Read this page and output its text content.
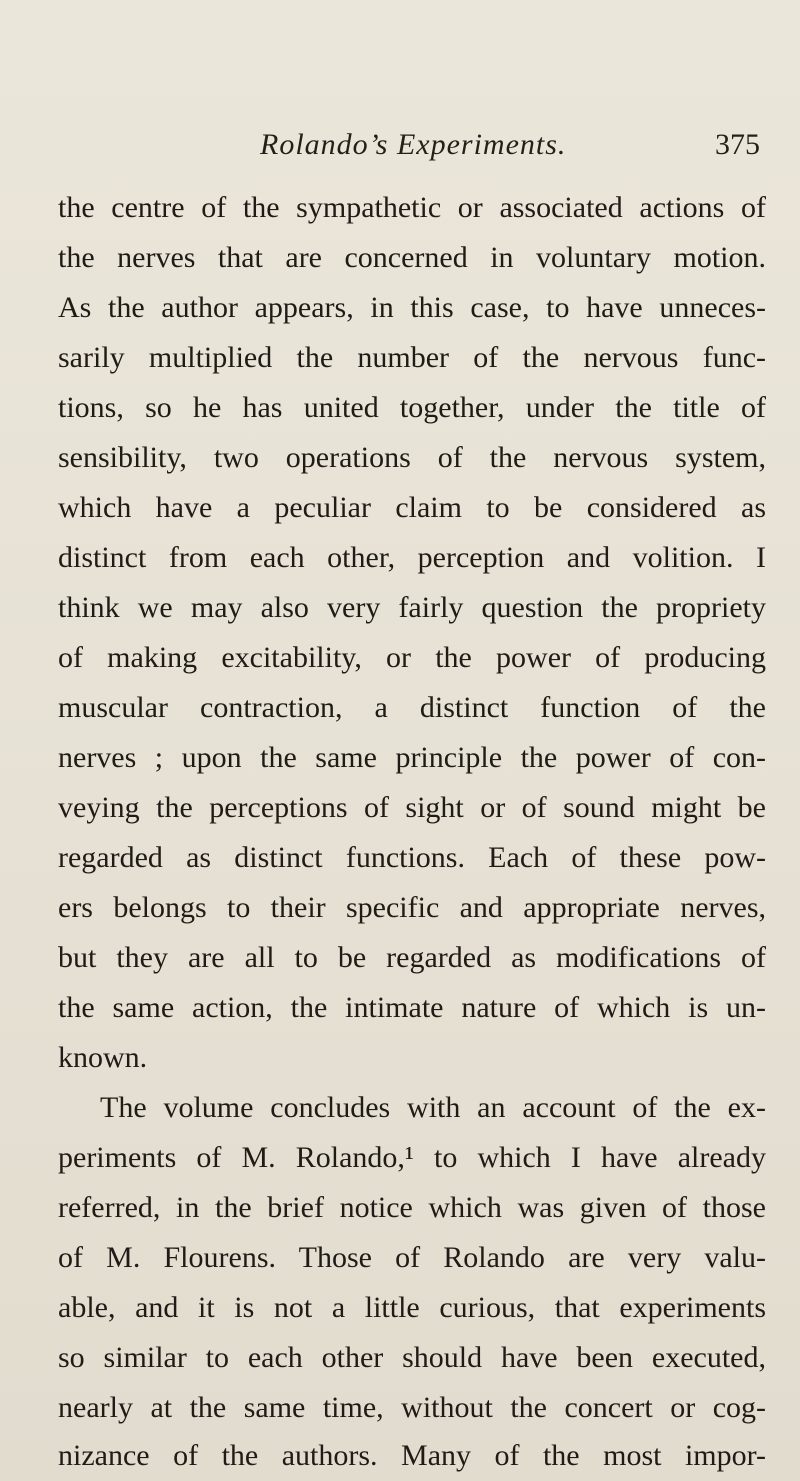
Rolando’s Experiments.	375
the centre of the sympathetic or associated actions of
the nerves that are concerned in voluntary motion.
As the author appears, in this case, to have unneces-
sarily multiplied the number of the nervous func-
tions, so he has united together, under the title of
sensibility, two operations of the nervous system,
which have a peculiar claim to be considered as
distinct from each other, perception and volition. I
think we may also very fairly question the propriety
of making excitability, or the power of producing
muscular contraction, a distinct function of the
nerves ; upon the same principle the power of con-
veying the perceptions of sight or of sound might be
regarded as distinct functions. Each of these pow-
ers belongs to their specific and appropriate nerves,
but they are all to be regarded as modifications of
the same action, the intimate nature of which is un-
known.
The volume concludes with an account of the ex-
periments of M. Rolando,¹ to which I have already
referred, in the brief notice which was given of those
of M. Flourens. Those of Rolando are very valu-
able, and it is not a little curious, that experiments
so similar to each other should have been executed,
nearly at the same time, without the concert or cog-
nizance of the authors. Many of the most impor-
